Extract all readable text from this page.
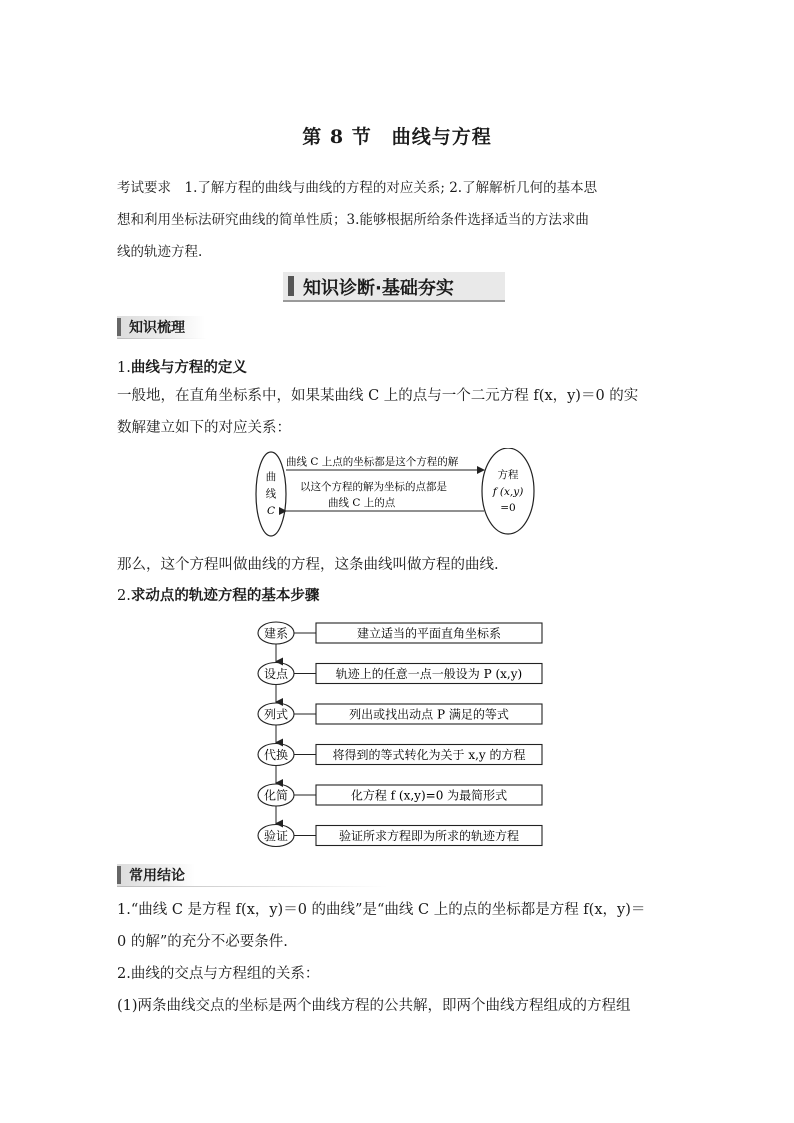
第 8 节　曲线与方程
考试要求　 1.了解方程的曲线与曲线的方程的对应关系; 2.了解解析几何的基本思
想和利用坐标法研究曲线的简单性质；3.能够根据所给条件选择适当的方法求曲
线的轨迹方程.
知识诊断·基础夯实
知识梳理
1.曲线与方程的定义
一般地，在直角坐标系中，如果某曲线 C 上的点与一个二元方程 f(x，y)＝0 的实
数解建立如下的对应关系：
曲
线
C
方程
f (x,y)
=0
曲线 C 上点的坐标都是这个方程的解
以这个方程的解为坐标的点都是
曲线 C 上的点
那么，这个方程叫做曲线的方程，这条曲线叫做方程的曲线.
2.求动点的轨迹方程的基本步骤
建系	建立适当的平面直角坐标系
设点	轨迹上的任意一点一般设为 P (x,y)
列式	列出或找出动点 P 满足的等式
代换	将得到的等式转化为关于 x,y 的方程
化简	化方程 f (x,y)=0 为最简形式
验证	验证所求方程即为所求的轨迹方程
常用结论
1.“曲线 C 是方程 f(x，y)＝0 的曲线”是“曲线 C 上的点的坐标都是方程 f(x，y)＝
0 的解”的充分不必要条件.
2.曲线的交点与方程组的关系：
(1)两条曲线交点的坐标是两个曲线方程的公共解，即两个曲线方程组成的方程组
